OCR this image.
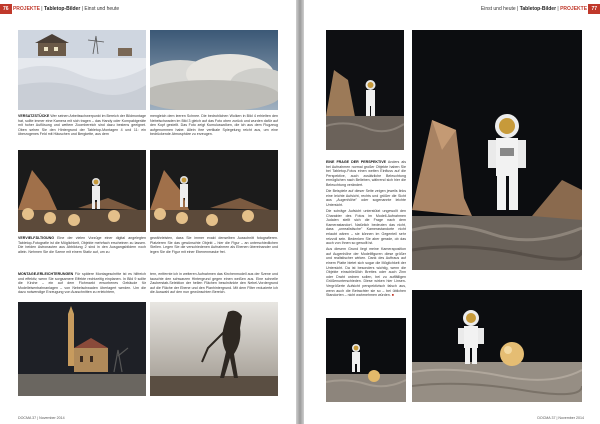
76 PROJEKTE | Tabletop-Bilder | Einst und heute
VERSATZSTÜCKE Wer seinen Arbeitsschwerpunkt im Bereich der Bildmontage hat, sollte immer eine Kamera mit sich tragen – das Handy oder Kompaktgeräte mit hoher Auflösung und weitem Zoombereich sind dazu bestens geeignet. Oben sehen Sie den Hintergrund der Tabletop-Montagen 4 und 11: ein überzogenes Feld mit Häuschen und Bergkette, aus dem
mengleich dem leeren Schnee. Die bedrohlichen Wolken in Bild 4 erhielten den Nebelschwaden im Bild 3 gleich auf das Foto oben zurück und wurden dafür auf den Kopf gestellt. Das Foto zeigt Kumuluswolken, die ich aus dem Flugzeug aufgenommen habe. Allein ihre vertikale Spiegelung reicht aus, um eine bedrückende Atmosphäre zu erzeugen.
VERVIELFÄLTIGUNG Eine der vielen Vorzüge einer digital angelegten Tabletop-Fotografie ist die Möglichkeit, Objekte mehrfach erscheinen zu lassen. Die beiden Astronauten aus Abbildung 2 sind in den Ausgangsbildern noch allein. Nehmen Sie die Szene mit einem Stativ auf, um zu
gewährleisten, dass Sie immer exakt denselben Ausschnitt fotografieren. Platzieren Sie das gewünschte Objekt – hier die Figur – an unterschiedlichen Stellen. Legen Sie die verschiedenen Aufnahmen als Ebenen übereinander und legen Sie die Figur mit einer Ebenenmaske frei.
MONTAGE-ERLEICHTERUNGEN Für spätere Montageschritte ist es hilfreich und effektiv, wenn Sie sorgsamere Effekte rechtzeitig einplanen. In Bild 9 sollte die Kirche – ein auf dem Flohmarkt erworbenes Gebäude für Modelleisenbahnanlagen – von Nebelschwaden überlagert werden. Um die dazu notwendige Erzeugung von Ausschnitten zu erleichtern,
tern, entfernte ich in weiteren Aufnahmen das Kirchenmodell aus der Szene und tauschte den schwarzen Hintergrund gegen einen weißen aus. Eine schnelle Zauberstab-Selektion der hellen Flächen beschränkte den Nebel-Vordergrund auf die Fläche der Ebene und den Planhintergrund. Mit dem Filter reduzierte ich die Auswahl auf den nun gewünschten Bereich.
DOCMA 37 | November 2014
Einst und heute | Tabletop-Bilder | PROJEKTE 77

EINE FRAGE DER PERSPEKTIVE Anders als bei Aufnahmen normal großer Objekte haben Sie bei Tabletop-Fotos einen weiten Einfluss auf die Perspektive, auch zusätzliche Beleuchtung ermöglichen nach Belieben, während sich hier die Beleuchtung verändert.

Die Beispiele auf dieser Seite zeigen jeweils links eine leichte Aufsicht, rechts und größer die Sicht aus „Augenhöhe" oder sogenannte leichte Untersicht.

Die schräge Aufsicht unterstützt ungewollt den Charakter des Fotos im Modell-Aufnahmen Judaien stellt sich die Frage nach dem Kamerastandort. Natürlich bedeuten das nicht, dass „unrealistische" Kamerastandorte nicht erlaubt wären – sie können im Gegenteil sehr reizvoll sein. Bedenken Sie aber gerade, ob das auch von Ihnen so gewollt ist.

Aus diesem Grund liegt meine Kameraposition auf Augenhöhe der Modellfiguren diese größer und realistischer wirken. Dank des Auftraus auf einem Platte bietet sich sogar die Möglichkeit der Untersicht. Da ist besonders wichtig, wenn die Objekte einschließlich Brettes oder auch Zinn oder Draht ordnen sollen, bei zu auffälligen Größenunterschieden. Diese wirken hier Linsen-Vergrößerte Aufsicht perspektivisch falsch aus, wenn auch die Betrachter sie so – bei üblichen Standorten – nicht wahrnehmen würden. ■

DOCMA 37 | November 2014
